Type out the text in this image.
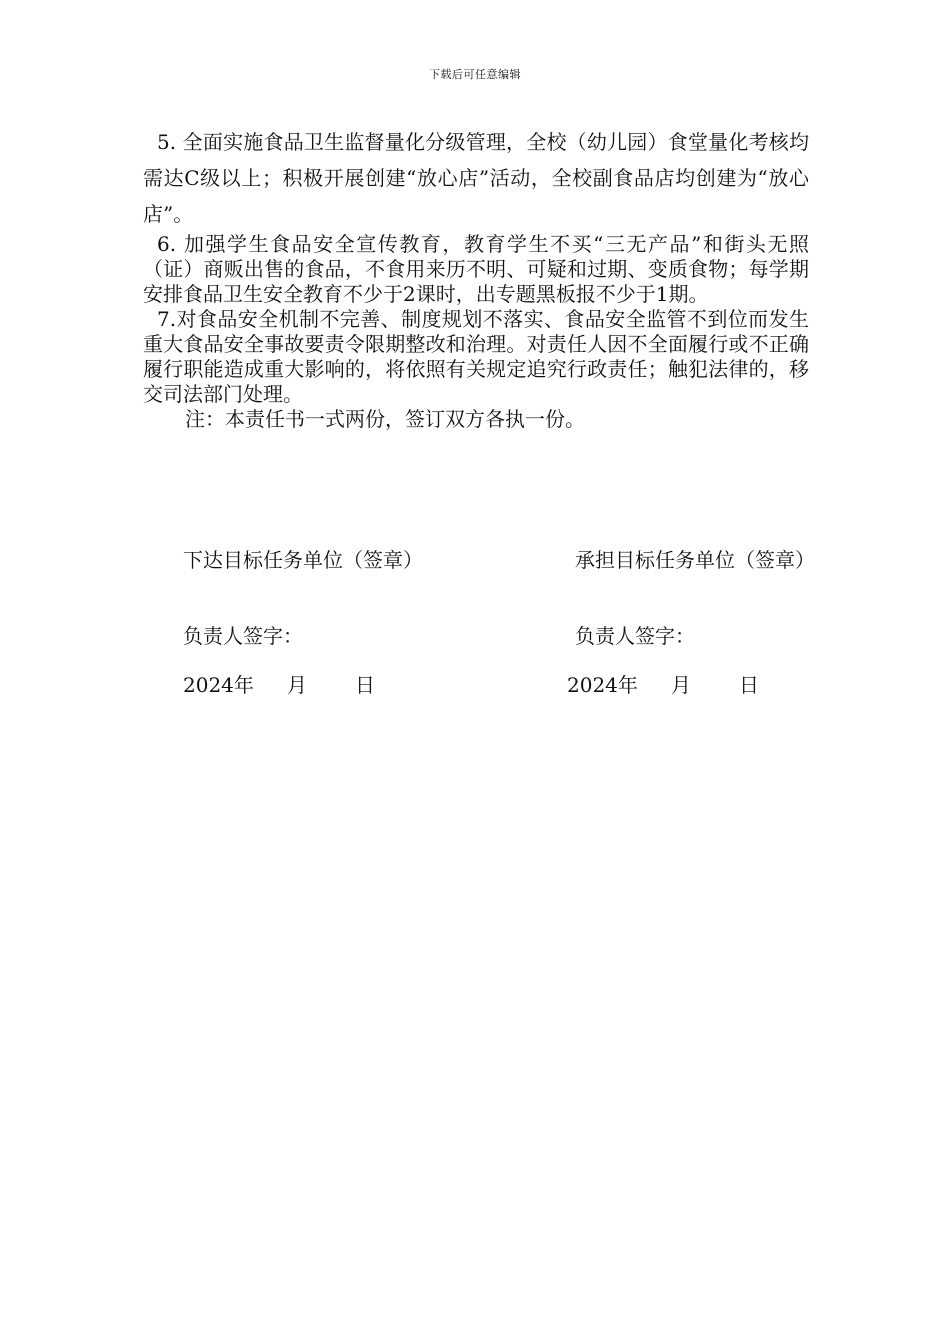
下载后可任意编辑

5. 全面实施食品卫生监督量化分级管理，全校（幼儿园）食堂量化考核均需达C级以上；积极开展创建“放心店”活动，全校副食品店均创建为“放心店”。

6. 加强学生食品安全宣传教育，教育学生不买“三无产品”和街头无照（证）商贩出售的食品，不食用来历不明、可疑和过期、变质食物；每学期安排食品卫生安全教育不少于2课时，出专题黑板报不少于1期。

7.对食品安全机制不完善、制度规划不落实、食品安全监管不到位而发生重大食品安全事故要责令限期整改和治理。对责任人因不全面履行或不正确履行职能造成重大影响的，将依照有关规定追究行政责任；触犯法律的，移交司法部门处理。

注：本责任书一式两份，签订双方各执一份。

下达目标任务单位（签章）	承担目标任务单位（签章）
负责人签字：	负责人签字：
2024年 月 日	2024年 月 日
